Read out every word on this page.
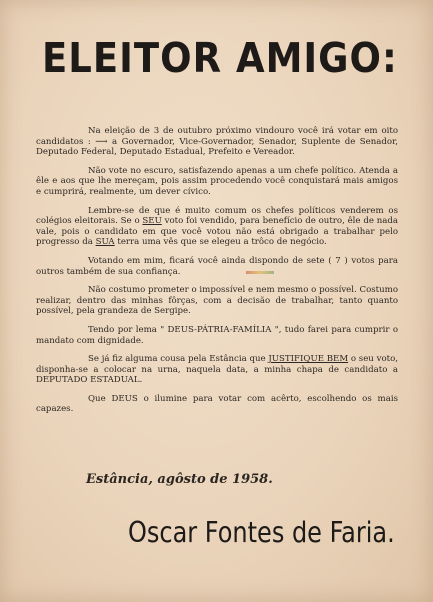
ELEITOR AMIGO:

Na eleição de 3 de outubro próximo vindouro você irá votar em oito candidatos : ⟶ a Governador, Vice-Governador, Senador, Suplente de Senador, Deputado Federal, Deputado Estadual, Prefeito e Vereador.

Não vote no escuro, satisfazendo apenas a um chefe político. Atenda a êle e aos que lhe mereçam, pois assim procedendo você conquistará mais amigos e cumprirá, realmente, um dever cívico.

Lembre-se de que é muito comum os chefes políticos venderem os colégios eleitorais. Se o SEU voto foi vendido, para benefício de outro, êle de nada vale, pois o candidato em que você votou não está obrigado a trabalhar pelo progresso da SUA terra uma vês que se elegeu a trôco de negócio.

Votando em mim, ficará você ainda dispondo de sete ( 7 ) votos para outros também de sua confiança.

Não costumo prometer o impossível e nem mesmo o possível. Costumo realizar, dentro das minhas fôrças, com a decisão de trabalhar, tanto quanto possível, pela grandeza de Sergipe.

Tendo por lema " DEUS-PÁTRIA-FAMÍLIA ", tudo farei para cumprir o mandato com dignidade.

Se já fiz alguma cousa pela Estância que JUSTIFIQUE BEM o seu voto, disponha-se a colocar na urna, naquela data, a minha chapa de candidato a DEPUTADO ESTADUAL.

Que DEUS o ilumine para votar com acêrto, escolhendo os mais capazes.

Estância, agôsto de 1958.
Oscar Fontes de Faria.
